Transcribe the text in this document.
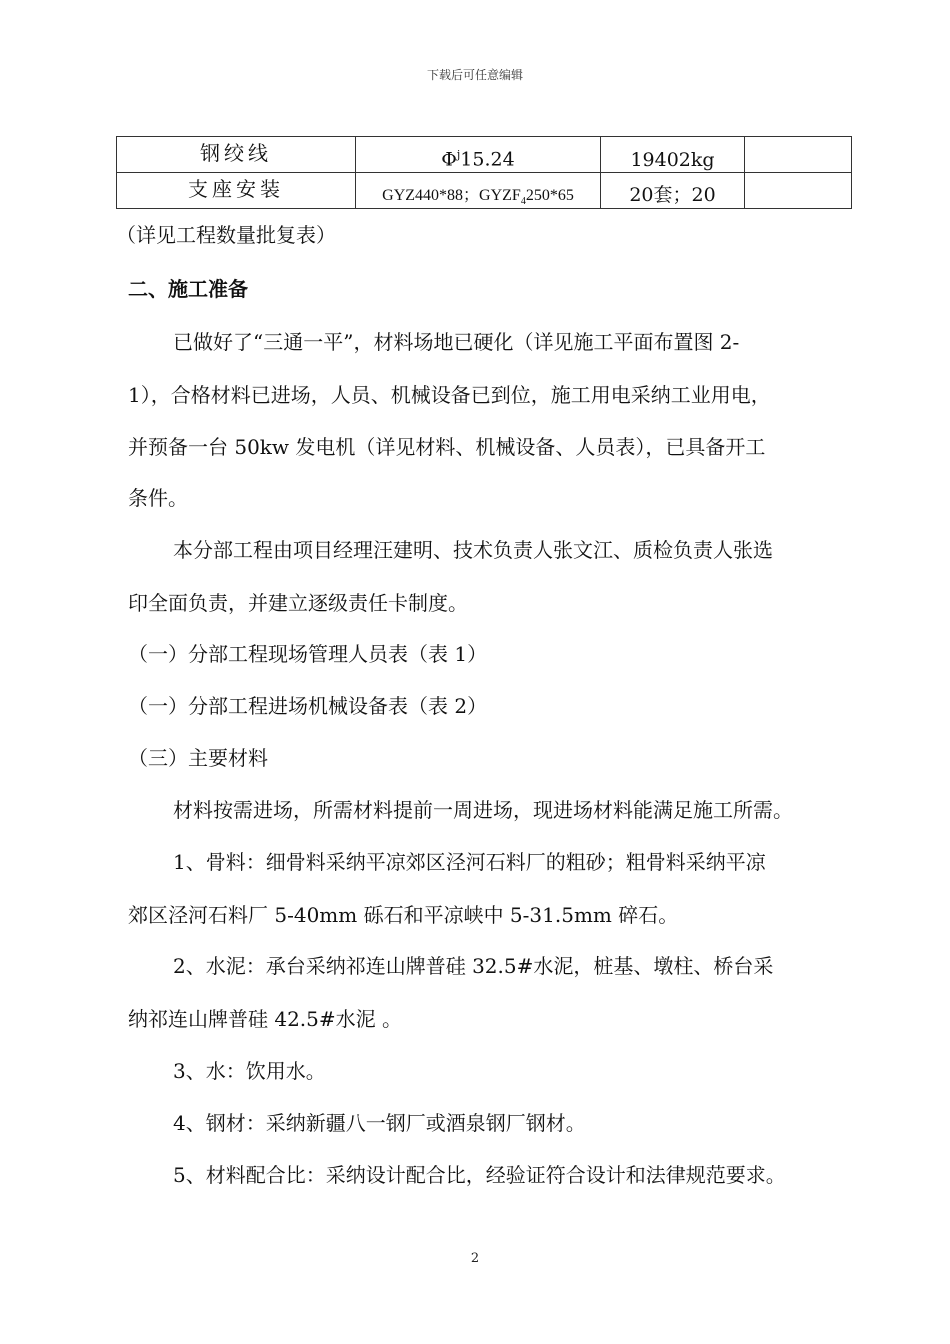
下载后可任意编辑
钢绞线	$\Phi^j15.24$	19402kg	
支座安装	GYZ440*88；$GYZF_4250*65$	20套；20	
（详见工程数量批复表）
二、施工准备
已做好了“三通一平”，材料场地已硬化（详见施工平面布置图 2-
1），合格材料已进场，人员、机械设备已到位，施工用电采纳工业用电，
并预备一台 50kw 发电机（详见材料、机械设备、人员表），已具备开工
条件。
本分部工程由项目经理汪建明、技术负责人张文江、质检负责人张选
印全面负责，并建立逐级责任卡制度。
（一）分部工程现场管理人员表（表 1）
（一）分部工程进场机械设备表（表 2）
（三）主要材料
材料按需进场，所需材料提前一周进场，现进场材料能满足施工所需。
1、骨料：细骨料采纳平凉郊区泾河石料厂的粗砂；粗骨料采纳平凉
郊区泾河石料厂 5-40mm 砾石和平凉峡中 5-31.5mm 碎石。
2、水泥：承台采纳祁连山牌普硅 32.5#水泥，桩基、墩柱、桥台采
纳祁连山牌普硅 42.5#水泥 。
3、水：饮用水。
4、钢材：采纳新疆八一钢厂或酒泉钢厂钢材。
5、材料配合比：采纳设计配合比，经验证符合设计和法律规范要求。
2
